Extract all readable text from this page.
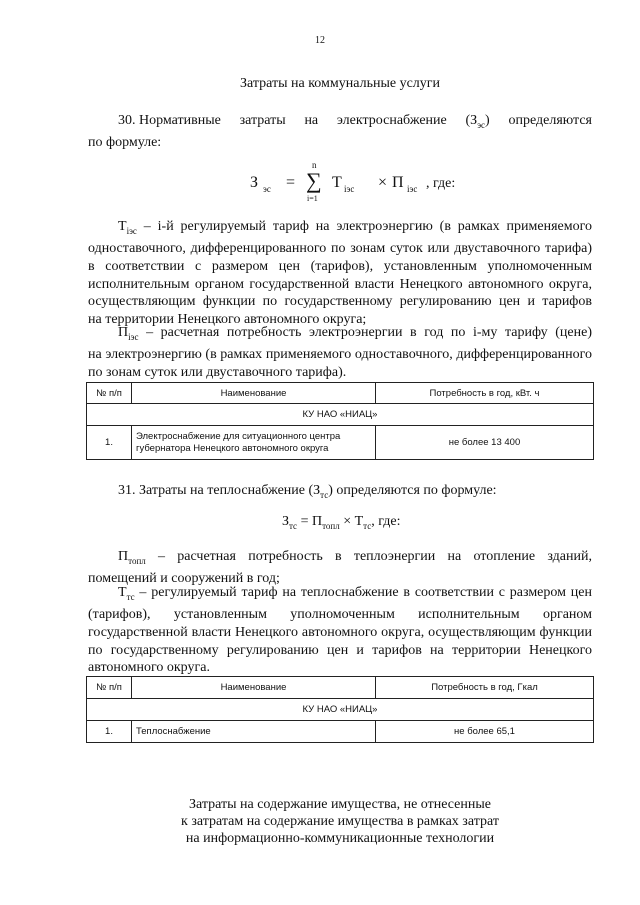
12
Затраты на коммунальные услуги
30. Нормативные затраты на электроснабжение $(З_{эс})$ определяются
по формуле:
З эс =
n
∑
i=1
Т iэс × П iэс , где:
$Т_{iэс} - i-й$ регулируемый тариф на электроэнергию (в рамках применяемого
одноставочного, дифференцированного по зонам суток или двуставочного тарифа)
в соответствии с размером цен (тарифов), установленным уполномоченным
исполнительным органом государственной власти Ненецкого автономного округа,
осуществляющим функции по государственному регулированию цен и тарифов
на территории Ненецкого автономного округа;
$П_{iэс}$ – расчетная потребность электроэнергии в год по i-му тарифу (цене)
на электроэнергию (в рамках применяемого одноставочного, дифференцированного
по зонам суток или двуставочного тарифа).
№ п/п	Наименование	Потребность в год, кВт. ч
КУ НАО «НИАЦ»		
1.	Электроснабжение для ситуационного центра
губернатора Ненецкого автономного округа	не более 13 400
31. Затраты на теплоснабжение $(З_{тс})$ определяются по формуле:
$З_{тс} = П_{топл} \times Т_{тс}$, где:
$П_{топл}$ – расчетная потребность в теплоэнергии на отопление зданий,
помещений и сооружений в год;
$Т_{тс}$ – регулируемый тариф на теплоснабжение в соответствии с размером цен
(тарифов), установленным уполномоченным исполнительным органом
государственной власти Ненецкого автономного округа, осуществляющим функции
по государственному регулированию цен и тарифов на территории Ненецкого
автономного округа.
№ п/п	Наименование	Потребность в год, Гкал
КУ НАО «НИАЦ»		
1.	Теплоснабжение	не более 65,1
Затраты на содержание имущества, не отнесенные
к затратам на содержание имущества в рамках затрат
на информационно-коммуникационные технологии
